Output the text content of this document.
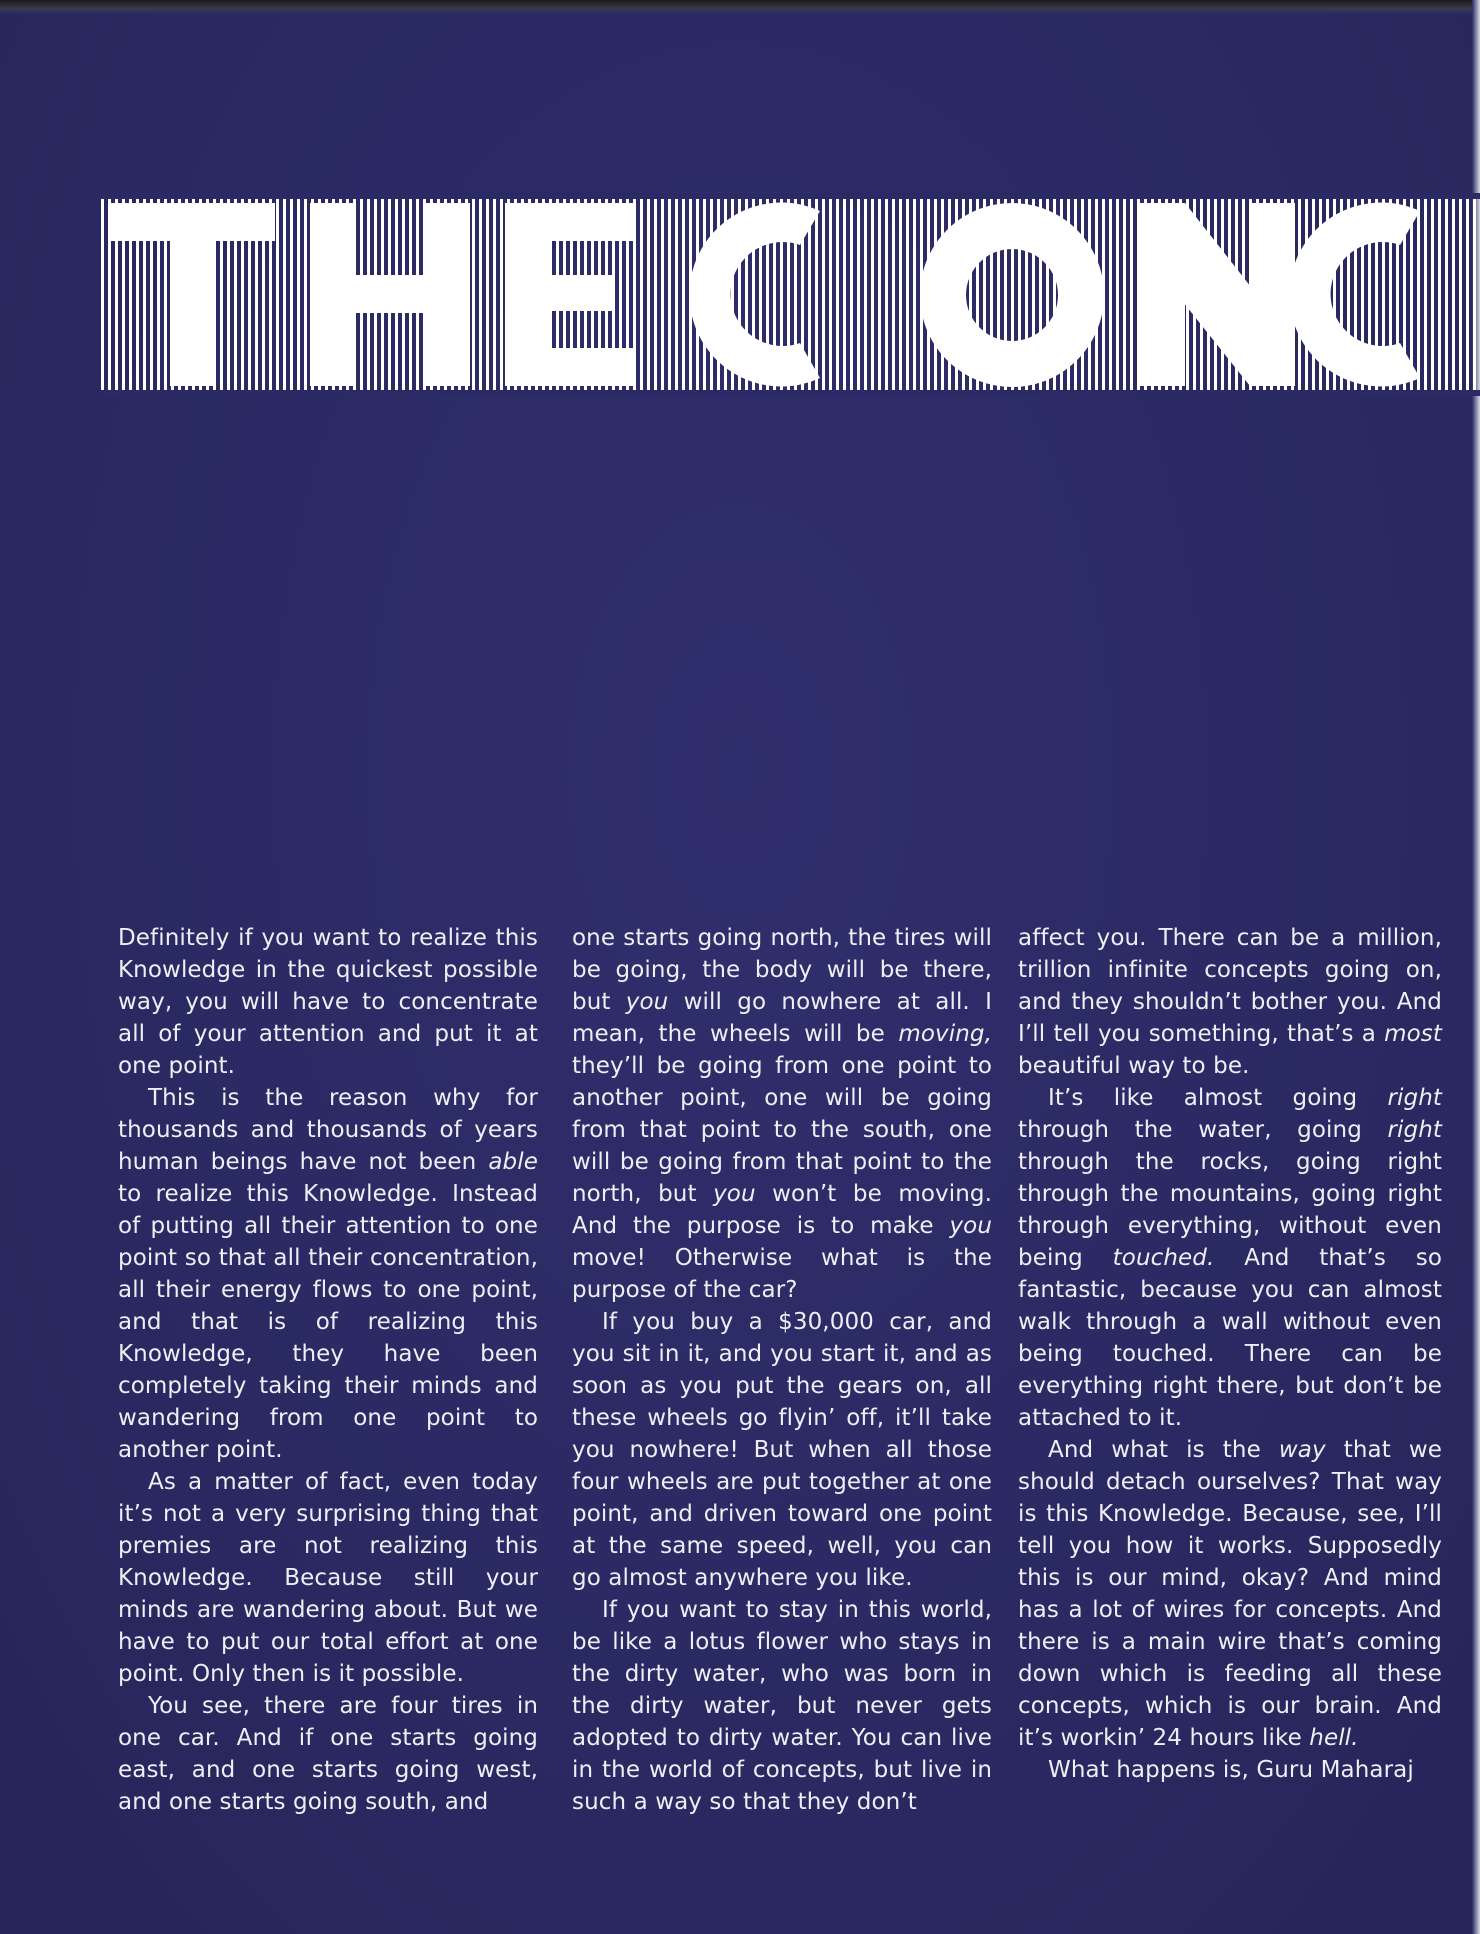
Definitely if you want to realize this Knowledge in the quickest possible way, you will have to concentrate all of your attention and put it at one point.

This is the reason why for thousands and thousands of years human beings have not been able to realize this Knowledge. Instead of putting all their attention to one point so that all their concentration, all their energy flows to one point, and that is of realizing this Knowledge, they have been completely taking their minds and wandering from one point to another point.

As a matter of fact, even today it’s not a very surprising thing that premies are not realizing this Knowledge. Because still your minds are wandering about. But we have to put our total effort at one point. Only then is it possible.

You see, there are four tires in one car. And if one starts going east, and one starts going west, and one starts going south, and

one starts going north, the tires will be going, the body will be there, but you will go nowhere at all. I mean, the wheels will be moving, they’ll be going from one point to another point, one will be going from that point to the south, one will be going from that point to the north, but you won’t be moving. And the purpose is to make you move! Otherwise what is the purpose of the car?

If you buy a $30,000 car, and you sit in it, and you start it, and as soon as you put the gears on, all these wheels go flyin’ off, it’ll take you nowhere! But when all those four wheels are put together at one point, and driven toward one point at the same speed, well, you can go almost anywhere you like.

If you want to stay in this world, be like a lotus flower who stays in the dirty water, who was born in the dirty water, but never gets adopted to dirty water. You can live in the world of concepts, but live in such a way so that they don’t

affect you. There can be a million, trillion infinite concepts going on, and they shouldn’t bother you. And I’ll tell you something, that’s a most beautiful way to be.

It’s like almost going right through the water, going right through the rocks, going right through the mountains, going right through everything, without even being touched. And that’s so fantastic, because you can almost walk through a wall without even being touched. There can be everything right there, but don’t be attached to it.

And what is the way that we should detach ourselves? That way is this Knowledge. Because, see, I’ll tell you how it works. Supposedly this is our mind, okay? And mind has a lot of wires for concepts. And there is a main wire that’s coming down which is feeding all these concepts, which is our brain. And it’s workin’ 24 hours like hell.

What happens is, Guru Maharaj
